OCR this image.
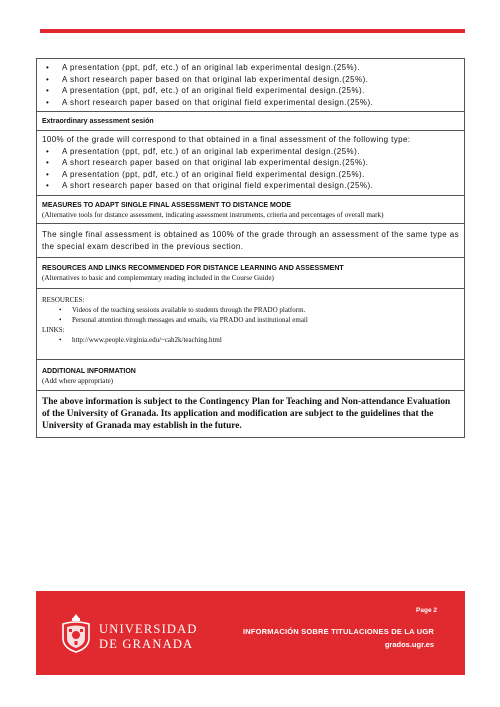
• A presentation (ppt, pdf, etc.) of an original lab experimental design.(25%).
• A short research paper based on that original lab experimental design.(25%).
• A presentation (ppt, pdf, etc.) of an original field experimental design.(25%).
• A short research paper based on that original field experimental design.(25%).

Extraordinary assessment sesión

100% of the grade will correspond to that obtained in a final assessment of the following type:

• A presentation (ppt, pdf, etc.) of an original lab experimental design.(25%).
• A short research paper based on that original lab experimental design.(25%).
• A presentation (ppt, pdf, etc.) of an original field experimental design.(25%).
• A short research paper based on that original field experimental design.(25%).

MEASURES TO ADAPT SINGLE FINAL ASSESSMENT TO DISTANCE MODE

(Alternative tools for distance assessment, indicating assessment instruments, criteria and percentages of overall mark)

The single final assessment is obtained as 100% of the grade through an assessment of the same type as the special exam described in the previous section.

RESOURCES AND LINKS RECOMMENDED FOR DISTANCE LEARNING AND ASSESSMENT

(Alternatives to basic and complementary reading included in the Course Guide)

RESOURCES:

• Videos of the teaching sessions available to students through the PRADO platform.
• Personal attention through messages and emails, via PRADO and institutional email

LINKS:

• http://www.people.virginia.edu/~cah2k/teaching.html

ADDITIONAL INFORMATION

(Add where appropriate)

The above information is subject to the Contingency Plan for Teaching and Non-attendance Evaluation of the University of Granada. Its application and modification are subject to the guidelines that the University of Granada may establish in the future.

UNIVERSIDAD
DE GRANADA
Page 2
INFORMACIÓN SOBRE TITULACIONES DE LA UGR
grados.ugr.es
